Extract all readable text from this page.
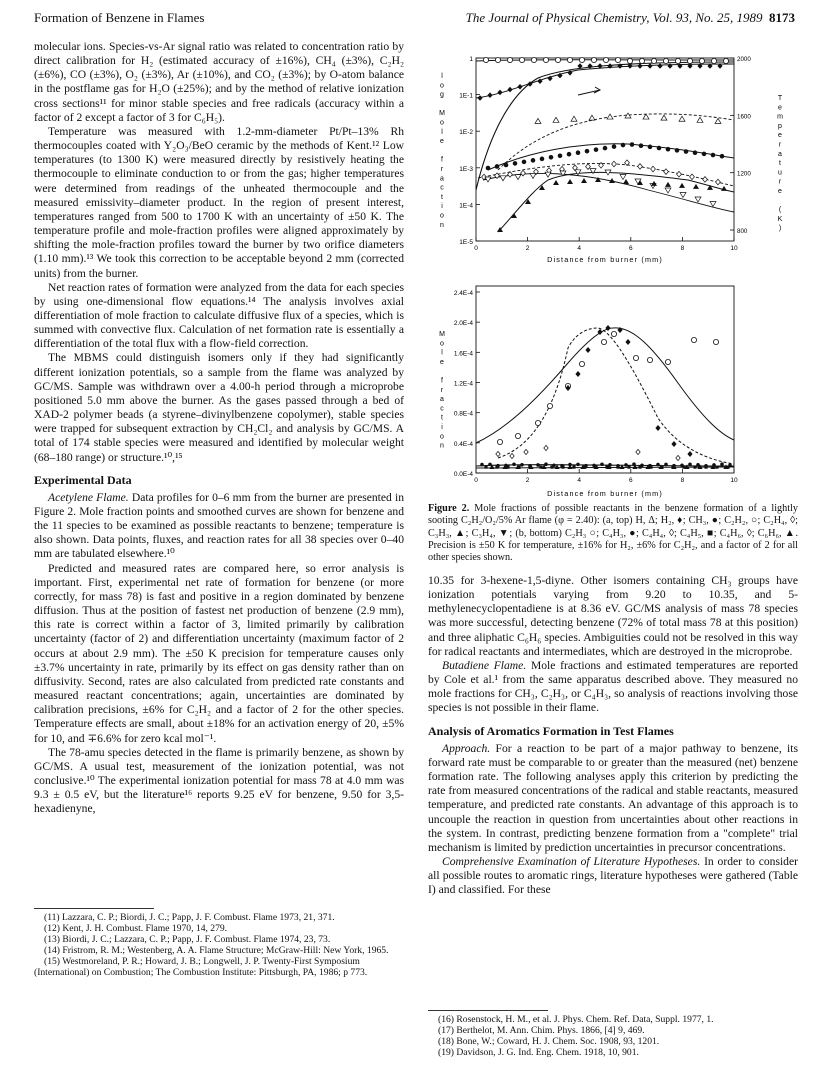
Formation of Benzene in Flames	The Journal of Physical Chemistry, Vol. 93, No. 25, 1989 8173

molecular ions. Species-vs-Ar signal ratio was related to concentration ratio by direct calibration for H₂ (estimated accuracy of ±16%), CH₄ (±3%), C₂H₂ (±6%), CO (±3%), O₂ (±3%), Ar (±10%), and CO₂ (±3%); by O-atom balance in the postflame gas for H₂O (±25%); and by the method of relative ionization cross sections¹¹ for minor stable species and free radicals (accuracy within a factor of 2 except a factor of 3 for C₆H₅).

Temperature was measured with 1.2-mm-diameter Pt/Pt–13% Rh thermocouples coated with Y₂O₃/BeO ceramic by the methods of Kent.¹² Low temperatures (to 1300 K) were measured directly by resistively heating the thermocouple to eliminate conduction to or from the gas; higher temperatures were determined from readings of the unheated thermocouple and the measured emissivity–diameter product. In the region of present interest, temperatures ranged from 500 to 1700 K with an uncertainty of ±50 K. The temperature profile and mole-fraction profiles were aligned approximately by shifting the mole-fraction profiles toward the burner by two orifice diameters (1.10 mm).¹³ We took this correction to be acceptable beyond 2 mm (corrected units) from the burner.

Net reaction rates of formation were analyzed from the data for each species by using one-dimensional flow equations.¹⁴ The analysis involves axial differentiation of mole fraction to calculate diffusive flux of a species, which is summed with convective flux. Calculation of net formation rate is essentially a differentiation of the total flux with a flow-field correction.

The MBMS could distinguish isomers only if they had significantly different ionization potentials, so a sample from the flame was analyzed by GC/MS. Sample was withdrawn over a 4.00-h period through a microprobe positioned 5.0 mm above the burner. As the gases passed through a bed of XAD-2 polymer beads (a styrene–divinylbenzene copolymer), stable species were trapped for subsequent extraction by CH₂Cl₂ and analysis by GC/MS. A total of 174 stable species were measured and identified by molecular weight (68–180 range) or structure.¹⁰,¹⁵

Experimental Data

Acetylene Flame. Data profiles for 0–6 mm from the burner are presented in Figure 2. Mole fraction points and smoothed curves are shown for benzene and the 11 species to be examined as possible reactants to benzene; temperature is also shown. Data points, fluxes, and reaction rates for all 38 species over 0–40 mm are tabulated elsewhere.¹⁰

Predicted and measured rates are compared here, so error analysis is important. First, experimental net rate of formation for benzene (or more correctly, for mass 78) is fast and positive in a region dominated by benzene diffusion. Thus at the position of fastest net production of benzene (2.9 mm), this rate is correct within a factor of 3, limited primarily by calibration uncertainty (factor of 2) and differentiation uncertainty (maximum factor of 2 occurs at about 2.9 mm). The ±50 K precision for temperature causes only ±3.7% uncertainty in rate, primarily by its effect on gas density rather than on diffusivity. Second, rates are also calculated from predicted rate constants and measured reactant concentrations; again, uncertainties are dominated by calibration precisions, ±6% for C₂H₂ and a factor of 2 for the other species. Temperature effects are small, about ±18% for an activation energy of 20, ±5% for 10, and ∓6.6% for zero kcal mol⁻¹.

The 78-amu species detected in the flame is primarily benzene, as shown by GC/MS. A usual test, measurement of the ionization potential, was not conclusive.¹⁰ The experimental ionization potential for mass 78 at 4.0 mm was 9.3 ± 0.5 eV, but the literature¹⁶ reports 9.25 eV for benzene, 9.50 for 3,5-hexadienyne,

(11) Lazzara, C. P.; Biordi, J. C.; Papp, J. F. Combust. Flame 1973, 21, 371.
(12) Kent, J. H. Combust. Flame 1970, 14, 279.
(13) Biordi, J. C.; Lazzara, C. P.; Papp, J. F. Combust. Flame 1974, 23, 73.
(14) Fristrom, R. M.; Westenberg, A. A. Flame Structure; McGraw-Hill: New York, 1965.
(15) Westmoreland, P. R.; Howard, J. B.; Longwell, J. P. Twenty-First Symposium (International) on Combustion; The Combustion Institute: Pittsburgh, PA, 1986; p 773.
l
o
g
M
o
l
e
f
r
a
c
t
i
o
n
T
e
m
p
e
r
a
t
u
r
e
(
K
)
1
1E-1
1E-2
1E-3
1E-4
1E-5
0	2	4	6	8	10
2000
1600
1200
800
Distance from burner (mm)
M
o
l
e
f
r
a
c
t
i
o
n
2.4E-4
2.0E-4
1.6E-4
1.2E-4
0.8E-4
0.4E-4
0.0E-4
0	2	4	6	8	10
Distance from burner (mm)
Figure 2. Mole fractions of possible reactants in the benzene formation of a lightly sooting C₂H₂/O₂/5% Ar flame (φ = 2.40): (a, top) H, Δ; H₂, ♦; CH₃, ●; C₂H₂, ○; C₂H₄, ◊; C₃H₃, ▲; C₃H₄, ▼; (b, bottom) C₂H₃ ○; C₄H₃, ●; C₄H₄, ◊; C₄H₅, ■; C₄H₆, ◊; C₆H₆, ▲. Precision is ±50 K for temperature, ±16% for H₂, ±6% for C₂H₂, and a factor of 2 for all other species shown.

10.35 for 3-hexene-1,5-diyne. Other isomers containing CH₃ groups have ionization potentials varying from 9.20 to 10.35, and 5-methylenecyclopentadiene is at 8.36 eV. GC/MS analysis of mass 78 species was more successful, detecting benzene (72% of total mass 78 at this position) and three aliphatic C₆H₆ species. Ambiguities could not be resolved in this way for radical reactants and intermediates, which are destroyed in the microprobe.

Butadiene Flame. Mole fractions and estimated temperatures are reported by Cole et al.¹ from the same apparatus described above. They measured no mole fractions for CH₃, C₂H₃, or C₄H₃, so analysis of reactions involving those species is not possible in their flame.

Analysis of Aromatics Formation in Test Flames

Approach. For a reaction to be part of a major pathway to benzene, its forward rate must be comparable to or greater than the measured (net) benzene formation rate. The following analyses apply this criterion by predicting the rate from measured concentrations of the radical and stable reactants, measured temperature, and predicted rate constants. An advantage of this approach is to uncouple the reaction in question from uncertainties about other reactions in the system. In contrast, predicting benzene formation from a "complete" trial mechanism is limited by prediction uncertainties in precursor concentrations.

Comprehensive Examination of Literature Hypotheses. In order to consider all possible routes to aromatic rings, literature hypotheses were gathered (Table I) and classified. For these

(16) Rosenstock, H. M., et al. J. Phys. Chem. Ref. Data, Suppl. 1977, 1.
(17) Berthelot, M. Ann. Chim. Phys. 1866, [4] 9, 469.
(18) Bone, W.; Coward, H. J. Chem. Soc. 1908, 93, 1201.
(19) Davidson, J. G. Ind. Eng. Chem. 1918, 10, 901.
